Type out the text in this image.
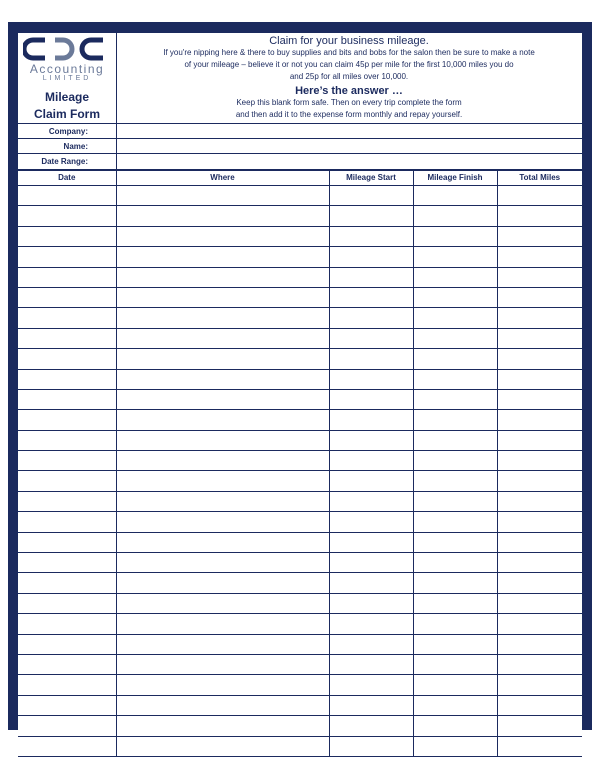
Accounting
LIMITED
Mileage
Claim Form
Claim for your business mileage.
If you're nipping here & there to buy supplies and bits and bobs for the salon then be sure to make a note
of your mileage – believe it or not you can claim 45p per mile for the first 10,000 miles you do
and 25p for all miles over 10,000.
Here’s the answer …
Keep this blank form safe. Then on every trip complete the form
and then add it to the expense form monthly and repay yourself.
Company:
Name:
Date Range:
Date	Where	Mileage Start	Mileage Finish	Total Miles
